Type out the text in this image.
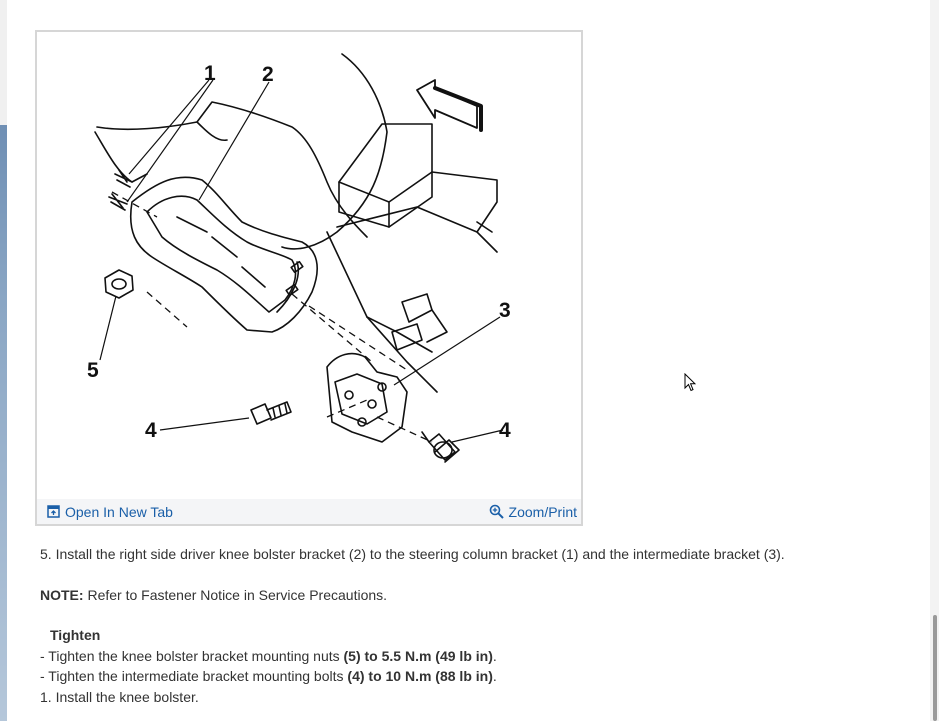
1 2
3
4	4
5
Open In New Tab	Zoom/Print

5. Install the right side driver knee bolster bracket (2) to the steering column bracket (1) and the intermediate bracket (3).

NOTE: Refer to Fastener Notice in Service Precautions.

Tighten

- Tighten the knee bolster bracket mounting nuts (5) to 5.5 N.m (49 lb in).

- Tighten the intermediate bracket mounting bolts (4) to 10 N.m (88 lb in).

1. Install the knee bolster.
